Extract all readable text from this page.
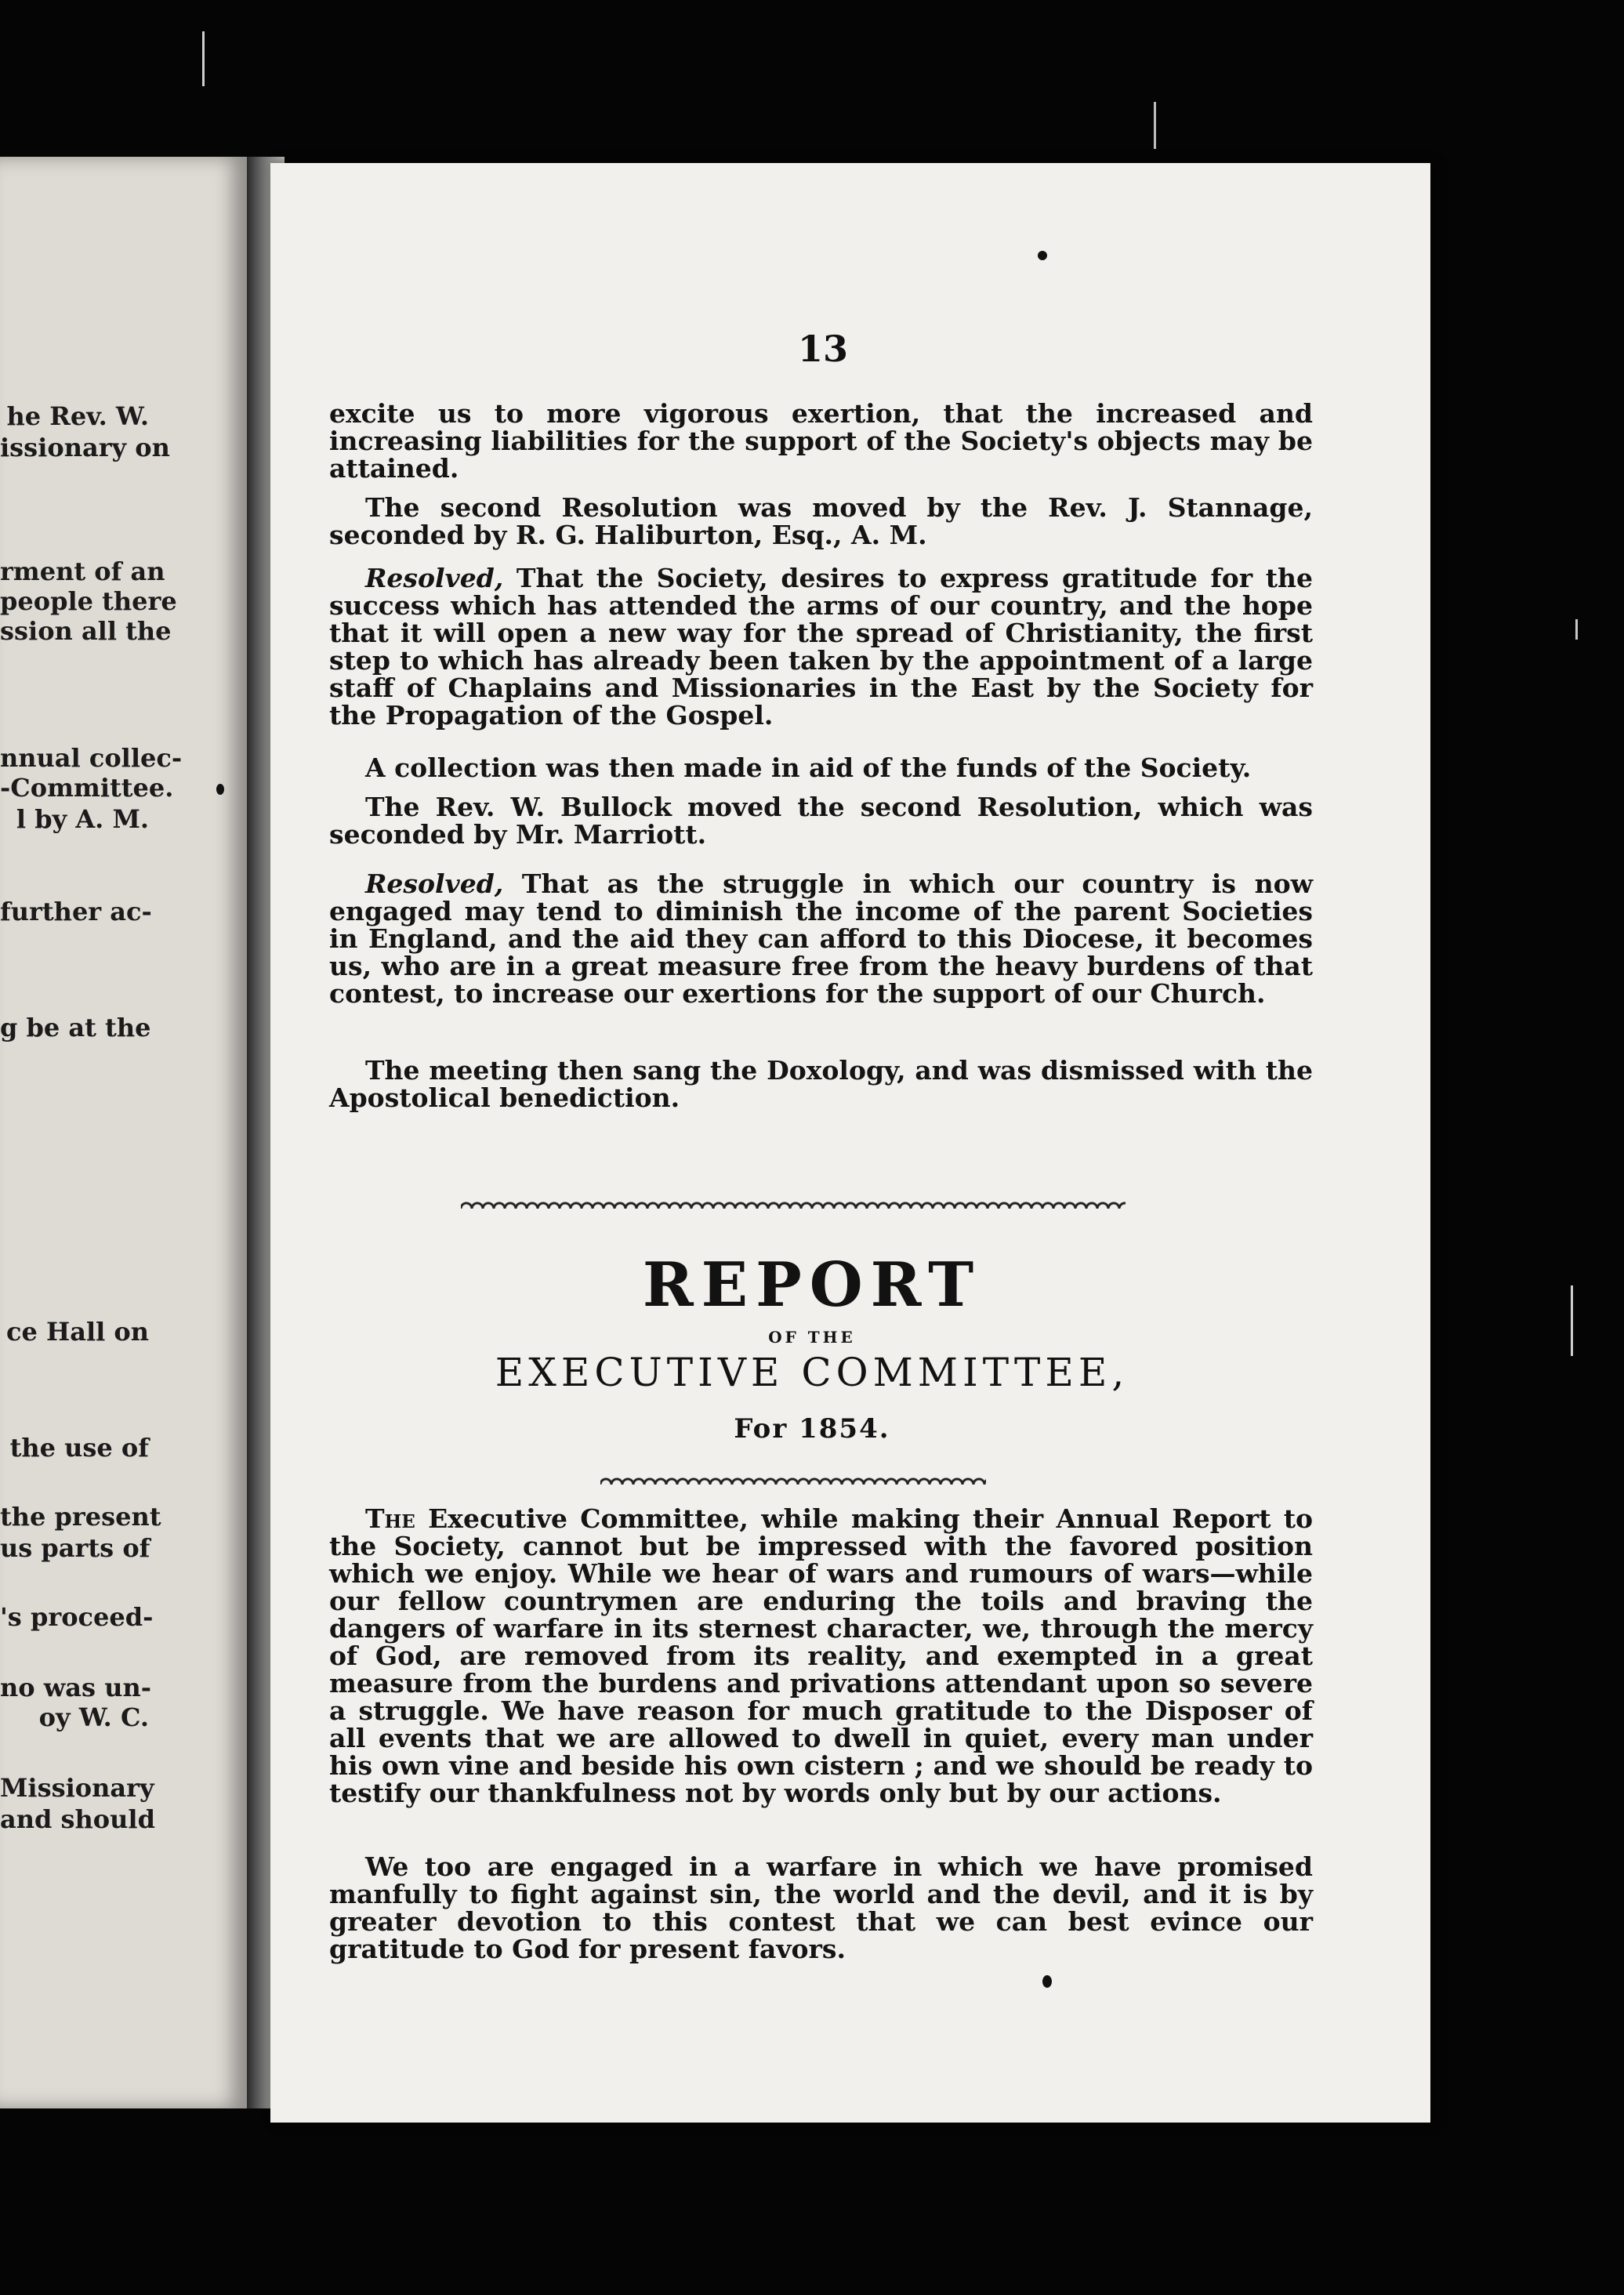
he Rev. W.
issionary on
rment of an
people there
ssion all the
nnual collec-
-Committee.
l by A. M.
further ac-
g be at the
ce Hall on
the use of
the present
us parts of
's proceed-
no was un-
oy W. C.
Missionary
and should
13

excite us to more vigorous exertion, that the increased and increasing liabilities for the support of the Society's objects may be attained.

The second Resolution was moved by the Rev. J. Stannage, seconded by R. G. Haliburton, Esq., A. M.

Resolved, That the Society, desires to express gratitude for the success which has attended the arms of our country, and the hope that it will open a new way for the spread of Christianity, the first step to which has already been taken by the appointment of a large staff of Chaplains and Missionaries in the East by the Society for the Propagation of the Gospel.

A collection was then made in aid of the funds of the Society.

The Rev. W. Bullock moved the second Resolution, which was seconded by Mr. Marriott.

Resolved, That as the struggle in which our country is now engaged may tend to diminish the income of the parent Societies in England, and the aid they can afford to this Diocese, it becomes us, who are in a great measure free from the heavy burdens of that contest, to increase our exertions for the support of our Church.

The meeting then sang the Doxology, and was dismissed with the Apostolical benediction.

REPORT
OF THE
EXECUTIVE COMMITTEE,
For 1854.

The Executive Committee, while making their Annual Report to the Society, cannot but be impressed with the favored position which we enjoy. While we hear of wars and rumours of wars—while our fellow countrymen are enduring the toils and braving the dangers of warfare in its sternest character, we, through the mercy of God, are removed from its reality, and exempted in a great measure from the burdens and privations attendant upon so severe a struggle. We have reason for much gratitude to the Disposer of all events that we are allowed to dwell in quiet, every man under his own vine and beside his own cistern ; and we should be ready to testify our thankfulness not by words only but by our actions.

We too are engaged in a warfare in which we have promised manfully to fight against sin, the world and the devil, and it is by greater devotion to this contest that we can best evince our gratitude to God for present favors.
